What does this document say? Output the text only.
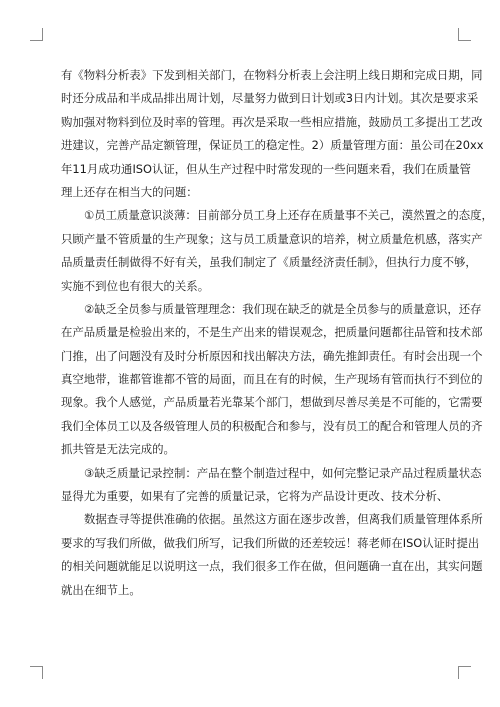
有《物料分析表》下发到相关部门，在物料分析表上会注明上线日期和完成日期，同
时还分成品和半成品排出周计划，尽量努力做到日计划或3日内计划。其次是要求采
购加强对物料到位及时率的管理。再次是采取一些相应措施，鼓励员工多提出工艺改
进建议，完善产品定额管理，保证员工的稳定性。2）质量管理方面：虽公司在20xx
年11月成功通ISO认证，但从生产过程中时常发现的一些问题来看，我们在质量管
理上还存在相当大的问题：
①员工质量意识淡薄：目前部分员工身上还存在质量事不关己，漠然置之的态度，
只顾产量不管质量的生产现象；这与员工质量意识的培养，树立质量危机感，落实产
品质量责任制做得不好有关，虽我们制定了《质量经济责任制》，但执行力度不够，
实施不到位也有很大的关系。
②缺乏全员参与质量管理理念：我们现在缺乏的就是全员参与的质量意识，还存
在产品质量是检验出来的，不是生产出来的错误观念，把质量问题都往品管和技术部
门推，出了问题没有及时分析原因和找出解决方法，确先推卸责任。有时会出现一个
真空地带，谁都管谁都不管的局面，而且在有的时候，生产现场有管而执行不到位的
现象。我个人感觉，产品质量若光靠某个部门，想做到尽善尽美是不可能的，它需要
我们全体员工以及各级管理人员的积极配合和参与，没有员工的配合和管理人员的齐
抓共管是无法完成的。
③缺乏质量记录控制：产品在整个制造过程中，如何完整记录产品过程质量状态
显得尤为重要，如果有了完善的质量记录，它将为产品设计更改、技术分析、
数据查寻等提供准确的依据。虽然这方面在逐步改善，但离我们质量管理体系所
要求的写我们所做，做我们所写，记我们所做的还差较远！蒋老师在ISO认证时提出
的相关问题就能足以说明这一点，我们很多工作在做，但问题确一直在出，其实问题
就出在细节上。
